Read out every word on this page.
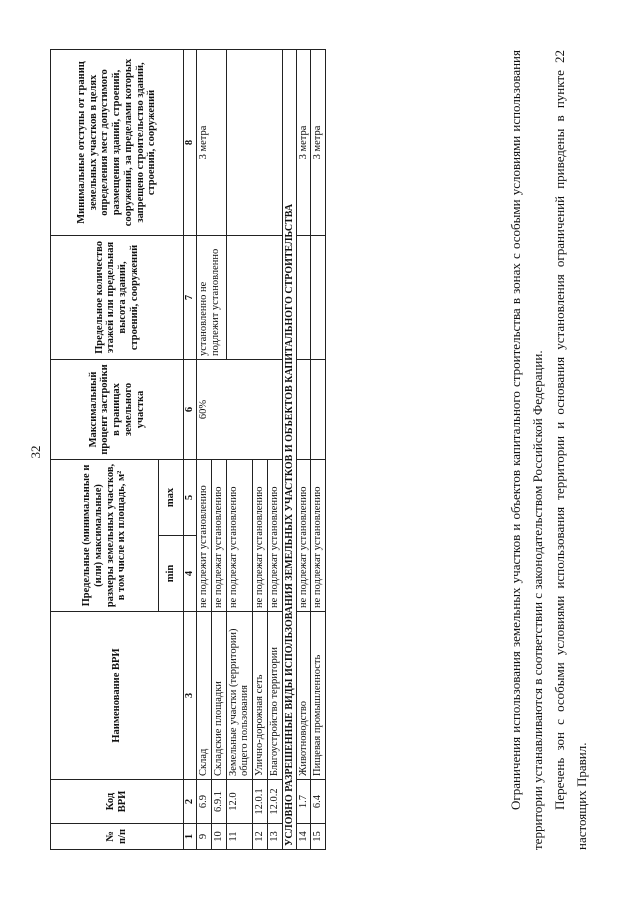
32
№ п/п	Код ВРИ	Наименование ВРИ	Предельные (минимальные и (или) максимальные) размеры земельных участков, в том числе их площадь, м²		Максимальный процент застройки в границах земельного участка	Предельное количество этажей или предельная высота зданий, строений, сооружений	Минимальные отступы от границ земельных участков в целях определения мест допустимого размещения зданий, строений, сооружений, за пределами которых запрещено строительство зданий, строений, сооружений
			min	max			
1	2	3	4	5	6	7	8
9	6.9	Склад	не подлежит установлению		60%	установленно не подлежит установленно	3 метра
10	6.9.1	Складские площадки	не подлежат установлению				
11	12.0	Земельные участки (территории) общего пользования	не подлежат установлению				
12	12.0.1	Улично-дорожная сеть	не подлежат установлению				
13	12.0.2	Благоустройство территории	не подлежат установлению				
УСЛОВНО РАЗРЕШЕННЫЕ ВИДЫ ИСПОЛЬЗОВАНИЯ ЗЕМЕЛЬНЫХ УЧАСТКОВ И ОБЪЕКТОВ КАПИТАЛЬНОГО СТРОИТЕЛЬСТВА							
14	1.7	Животноводство	не подлежат установлению				3 метра
15	6.4	Пищевая промышленность	не подлежат установлению				3 метра	Ограничения использования земельных участков и объектов капитального строительства в зонах с особыми условиями использования территории устанавливаются в соответствии с законодательством Российской Федерации. Перечень зон с особыми условиями использования территории и основания установления ограничений приведены в пункте 22 настоящих Правил.
